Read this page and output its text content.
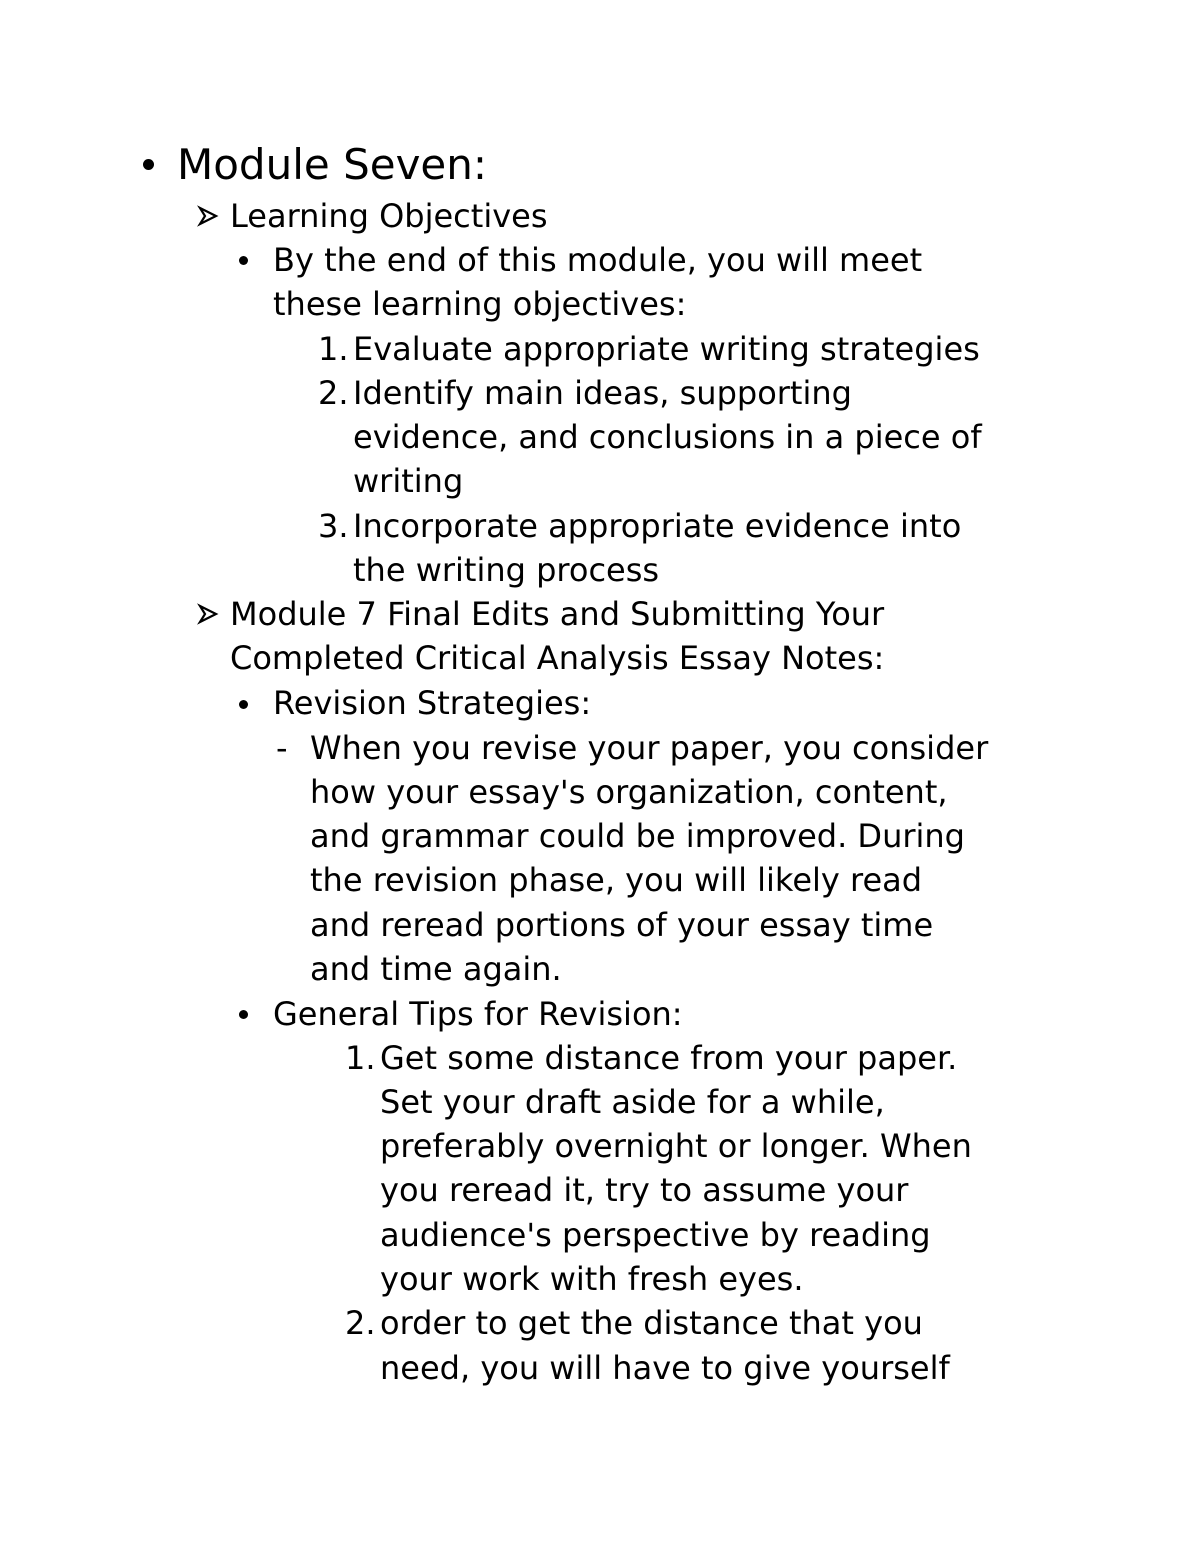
Module Seven:
Learning Objectives
By the end of this module, you will meet
these learning objectives:
1. Evaluate appropriate writing strategies
2. Identify main ideas, supporting
evidence, and conclusions in a piece of
writing
3. Incorporate appropriate evidence into
the writing process
Module 7 Final Edits and Submitting Your
Completed Critical Analysis Essay Notes:
Revision Strategies:
- When you revise your paper, you consider
how your essay's organization, content,
and grammar could be improved. During
the revision phase, you will likely read
and reread portions of your essay time
and time again.
General Tips for Revision:
1. Get some distance from your paper.
Set your draft aside for a while,
preferably overnight or longer. When
you reread it, try to assume your
audience's perspective by reading
your work with fresh eyes.
2. order to get the distance that you
need, you will have to give yourself
